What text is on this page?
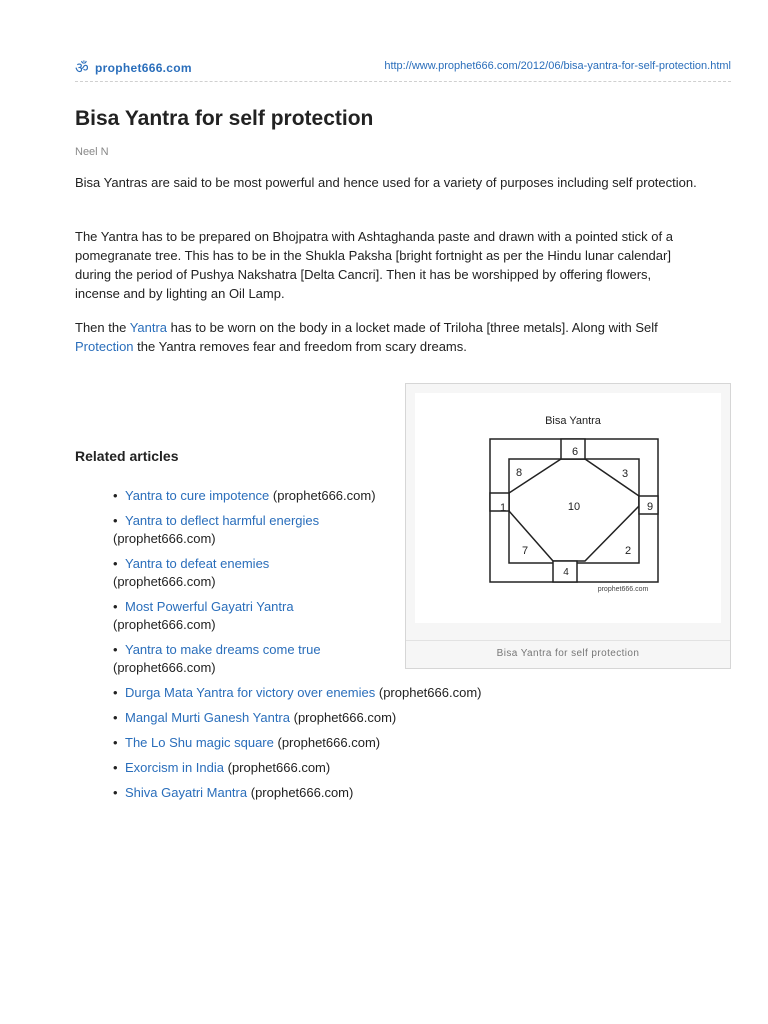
ॐ prophet666.com	http://www.prophet666.com/2012/06/bisa-yantra-for-self-protection.html
Bisa Yantra for self protection
Neel N

Bisa Yantras are said to be most powerful and hence used for a variety of purposes including self protection.

The Yantra has to be prepared on Bhojpatra with Ashtaghanda paste and drawn with a pointed stick of a
pomegranate tree. This has to be in the Shukla Paksha [bright fortnight as per the Hindu lunar calendar]
during the period of Pushya Nakshatra [Delta Cancri]. Then it has be worshipped by offering flowers,
incense and by lighting an Oil Lamp.

Then the Yantra has to be worn on the body in a locket made of Triloha [three metals]. Along with Self
Protection the Yantra removes fear and freedom from scary dreams.

Bisa Yantra
6
8	3
1	10	9
7	2
4
prophet666.com
Bisa Yantra for self protection
Related articles
• Yantra to cure impotence (prophet666.com)
• Yantra to deflect harmful energies
(prophet666.com)
• Yantra to defeat enemies
(prophet666.com)
• Most Powerful Gayatri Yantra
(prophet666.com)
• Yantra to make dreams come true
(prophet666.com)
• Durga Mata Yantra for victory over enemies (prophet666.com)
• Mangal Murti Ganesh Yantra (prophet666.com)
• The Lo Shu magic square (prophet666.com)
• Exorcism in India (prophet666.com)
• Shiva Gayatri Mantra (prophet666.com)
